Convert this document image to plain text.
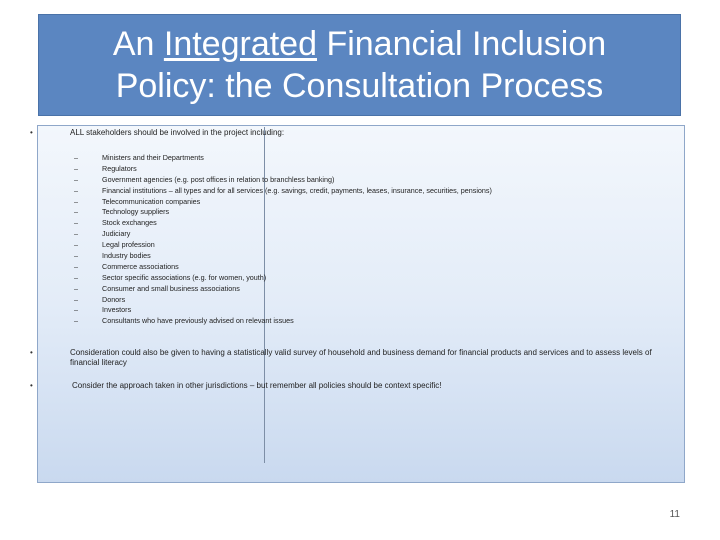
An Integrated Financial Inclusion
Policy: the Consultation Process
•	ALL stakeholders should be involved in the project including:
–	Ministers and their Departments
–	Regulators
–	Government agencies (e.g. post offices in relation to branchless banking)
–	Financial institutions – all types and for all services (e.g. savings, credit, payments, leases, insurance, securities, pensions)
–	Telecommunication companies
–	Technology suppliers
–	Stock exchanges
–	Judiciary
–	Legal profession
–	Industry bodies
–	Commerce associations
–	Sector specific associations (e.g. for women, youth)
–	Consumer and small business associations
–	Donors
–	Investors
–	Consultants who have previously advised on relevant issues
•	Consideration could also be given to having a statistically valid survey of household and business demand for financial products and services and to assess levels of financial literacy
•	Consider the approach taken in other jurisdictions – but remember all policies should be context specific!
11
